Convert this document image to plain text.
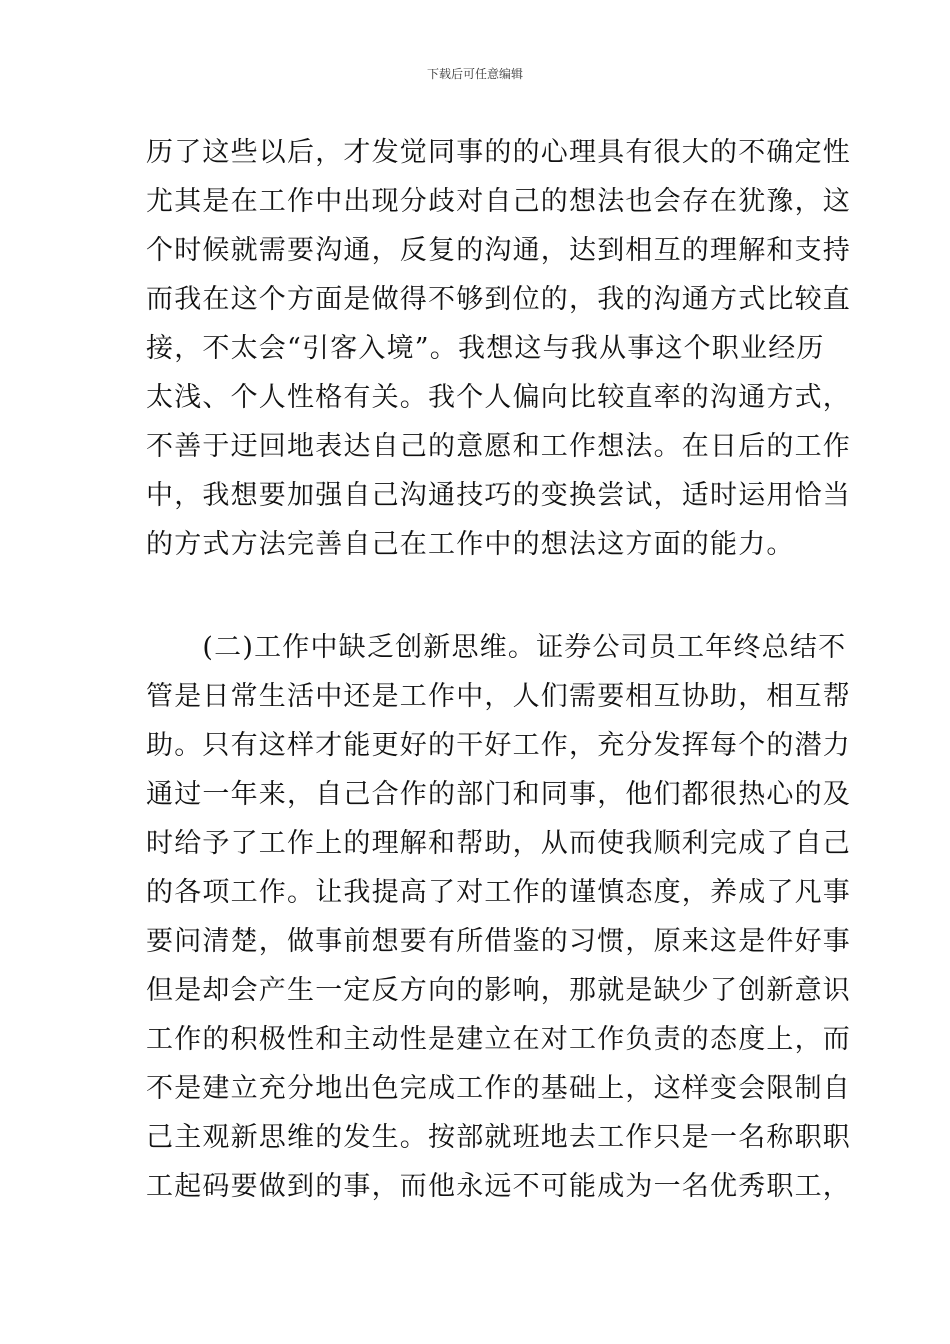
下载后可任意编辑
历了这些以后，才发觉同事的的心理具有很大的不确定性
尤其是在工作中出现分歧对自己的想法也会存在犹豫，这
个时候就需要沟通，反复的沟通，达到相互的理解和支持
而我在这个方面是做得不够到位的，我的沟通方式比较直
接，不太会“引客入境”。我想这与我从事这个职业经历
太浅、个人性格有关。我个人偏向比较直率的沟通方式，
不善于迂回地表达自己的意愿和工作想法。在日后的工作
中，我想要加强自己沟通技巧的变换尝试，适时运用恰当
的方式方法完善自己在工作中的想法这方面的能力。
　　(二)工作中缺乏创新思维。证券公司员工年终总结不
管是日常生活中还是工作中，人们需要相互协助，相互帮
助。只有这样才能更好的干好工作，充分发挥每个的潜力
通过一年来，自己合作的部门和同事，他们都很热心的及
时给予了工作上的理解和帮助，从而使我顺利完成了自己
的各项工作。让我提高了对工作的谨慎态度，养成了凡事
要问清楚，做事前想要有所借鉴的习惯，原来这是件好事
但是却会产生一定反方向的影响，那就是缺少了创新意识
工作的积极性和主动性是建立在对工作负责的态度上，而
不是建立充分地出色完成工作的基础上，这样变会限制自
己主观新思维的发生。按部就班地去工作只是一名称职职
工起码要做到的事，而他永远不可能成为一名优秀职工，
